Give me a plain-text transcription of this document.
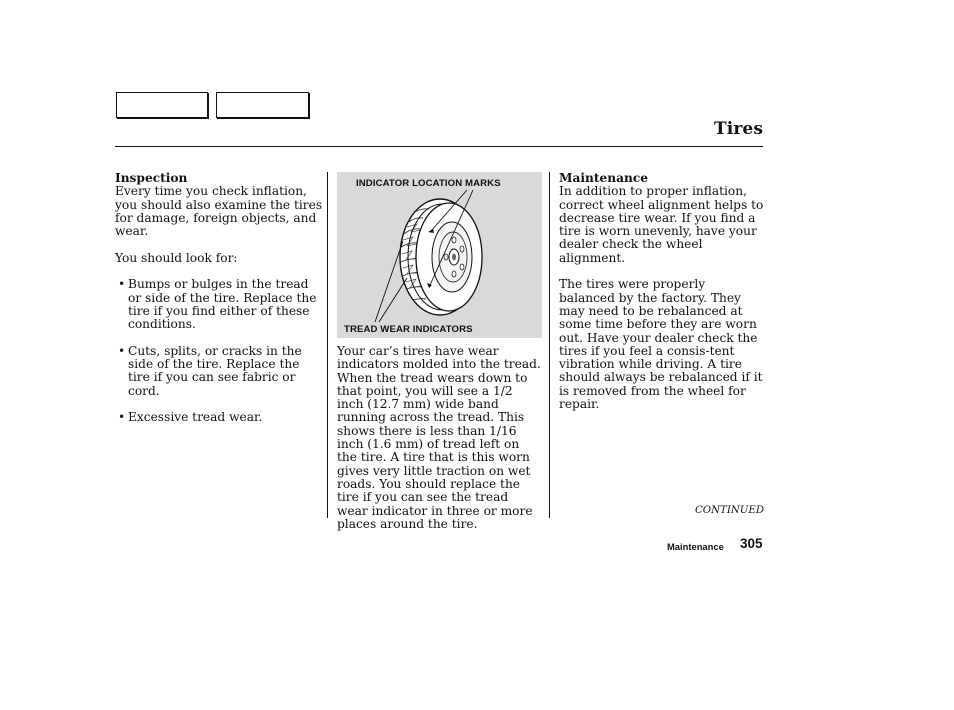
Tires

Inspection

Every time you check inflation, you should also examine the tires for damage, foreign objects, and wear.

You should look for:

• Bumps or bulges in the tread or side of the tire. Replace the tire if you find either of these conditions.
• Cuts, splits, or cracks in the side of the tire. Replace the tire if you can see fabric or cord.
• Excessive tread wear.
INDICATOR LOCATION MARKS
TREAD WEAR INDICATORS

Your car’s tires have wear indicators molded into the tread. When the tread wears down to that point, you will see a 1/2 inch (12.7 mm) wide band running across the tread. This shows there is less than 1/16 inch (1.6 mm) of tread left on the tire. A tire that is this worn gives very little traction on wet roads. You should replace the tire if you can see the tread wear indicator in three or more places around the tire.

Maintenance

In addition to proper inflation, correct wheel alignment helps to decrease tire wear. If you find a tire is worn unevenly, have your dealer check the wheel alignment.

The tires were properly balanced by the factory. They may need to be rebalanced at some time before they are worn out. Have your dealer check the tires if you feel a consis-tent vibration while driving. A tire should always be rebalanced if it is removed from the wheel for repair.

CONTINUED
Maintenance 305
